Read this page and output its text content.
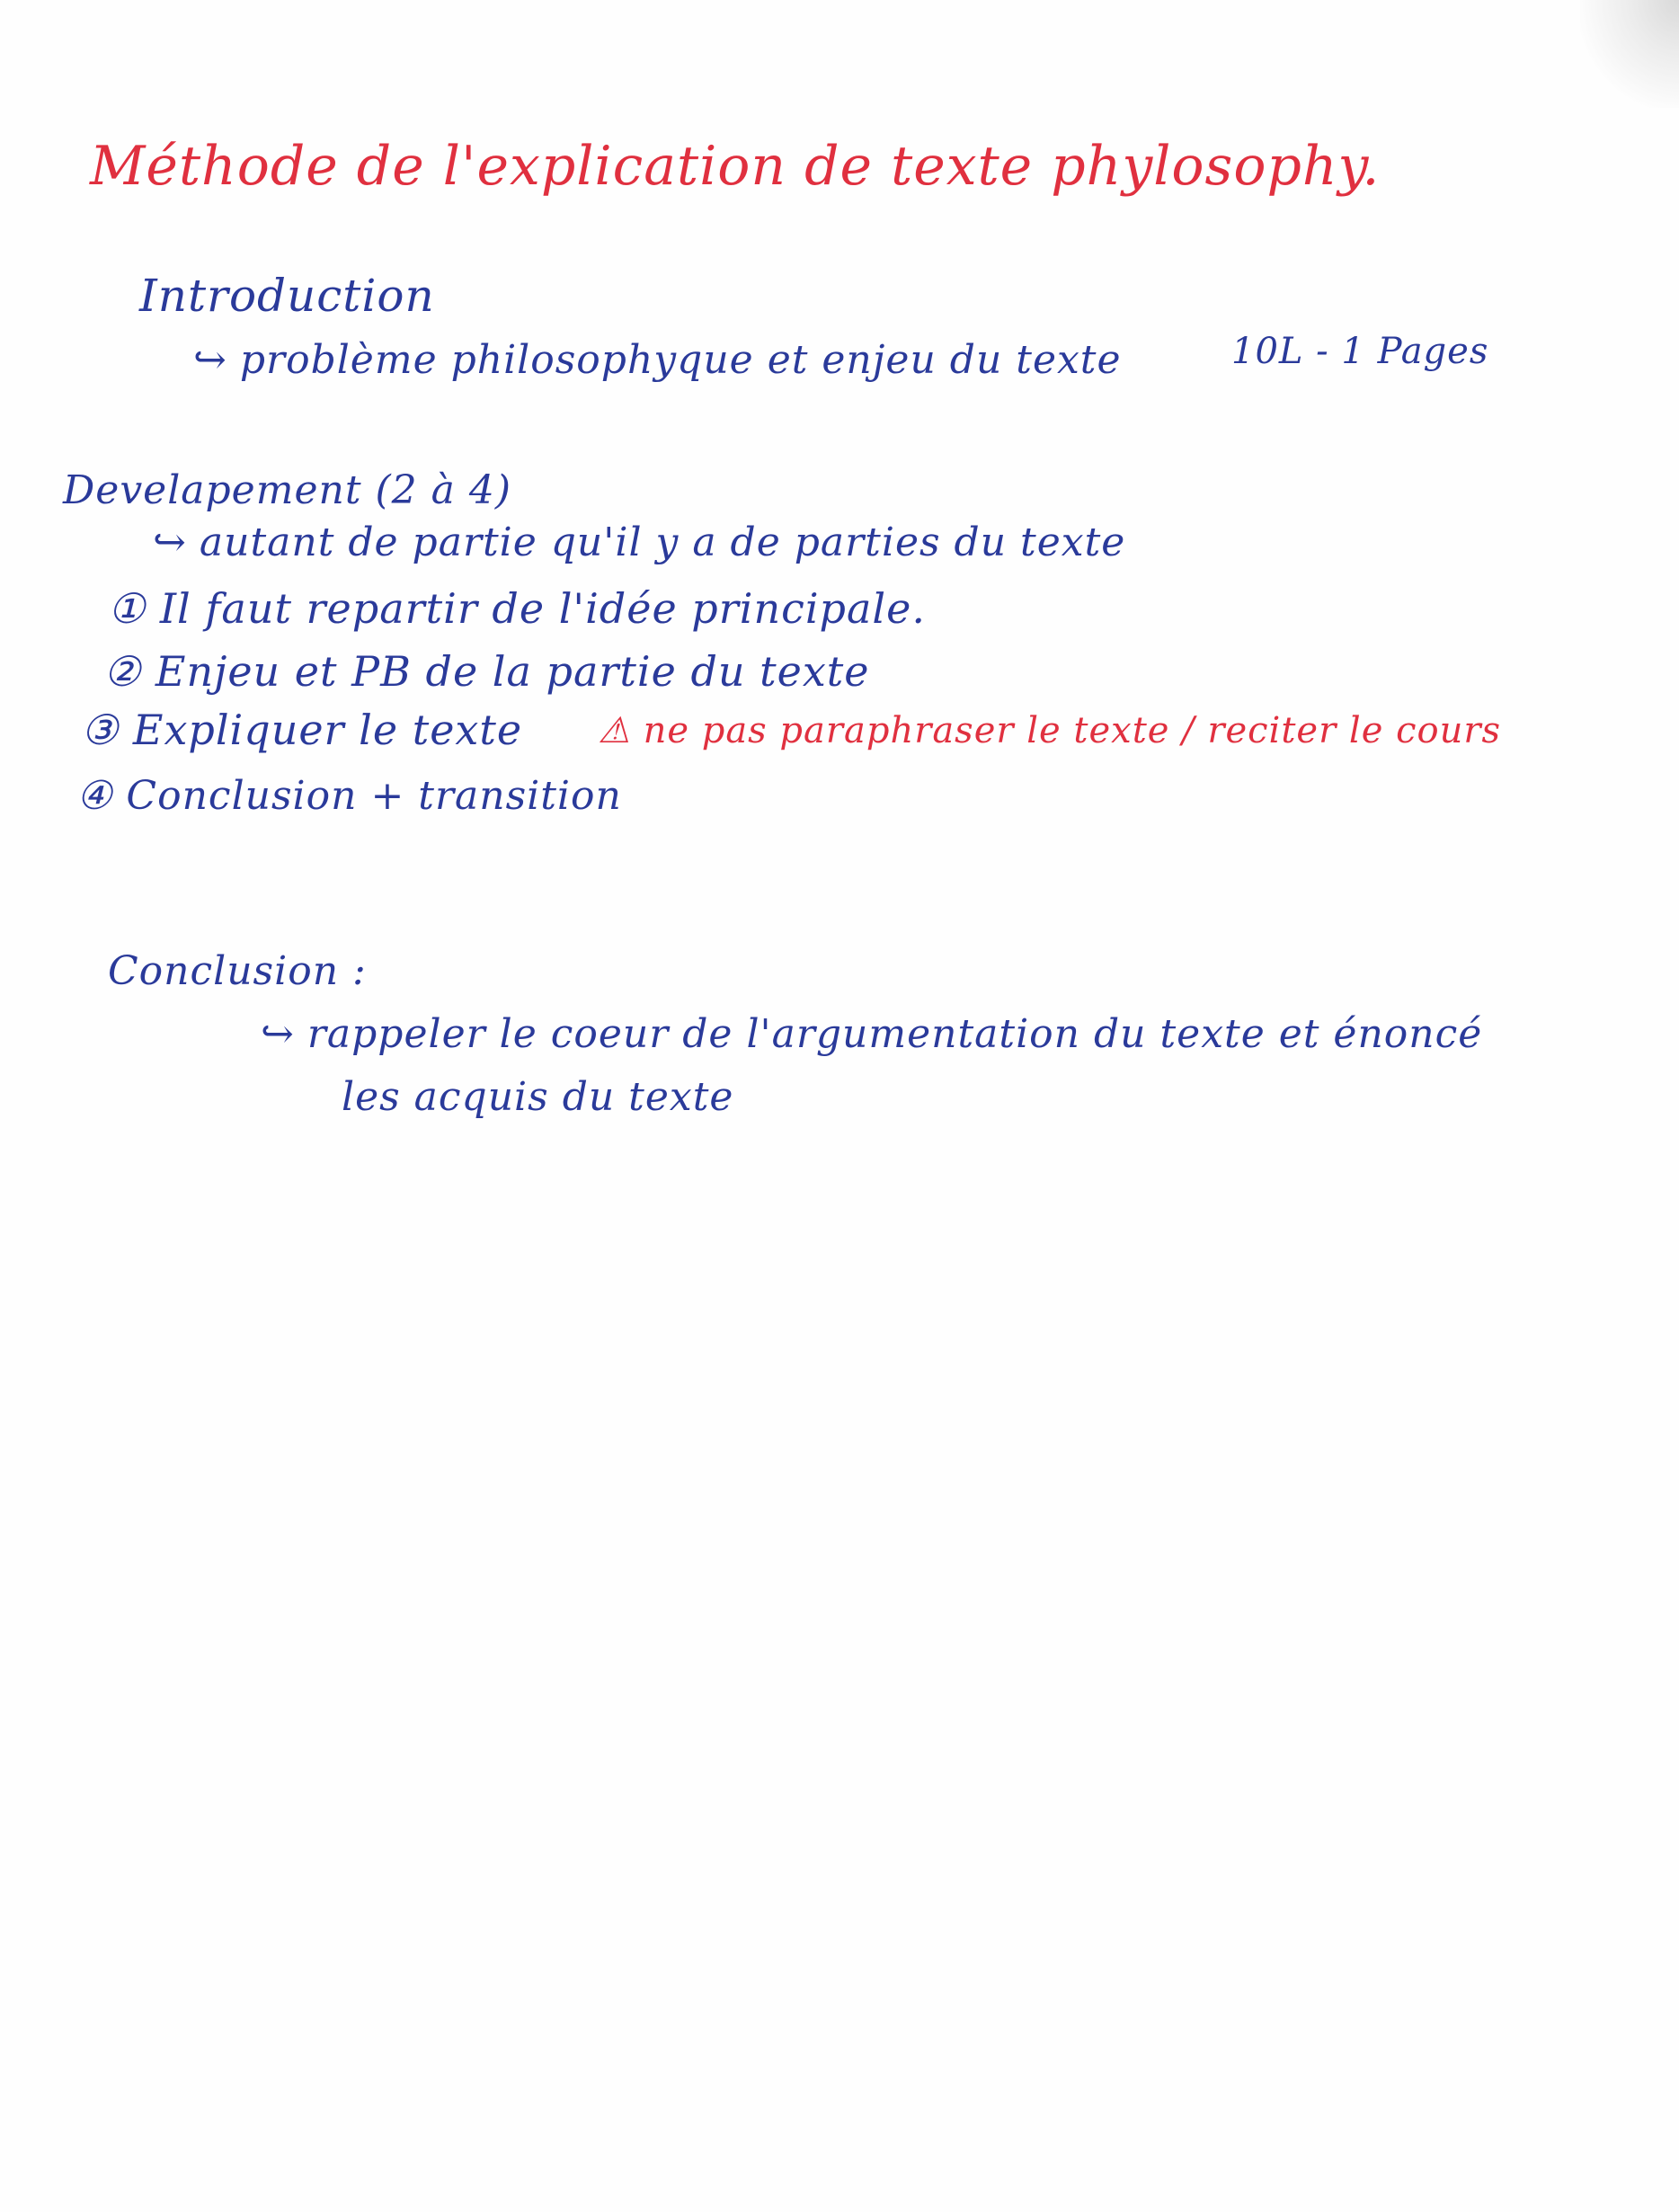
Méthode de l'explication de texte phylosophy.
Introduction
↪ problème philosophyque et enjeu du texte	10L - 1 Pages
Develapement (2 à 4)
↪ autant de partie qu'il y a de parties du texte
① Il faut repartir de l'idée principale.
② Enjeu et PB de la partie du texte
③ Expliquer le texte ⚠ ne pas paraphraser le texte / reciter le cours
④ Conclusion + transition
Conclusion :
↪ rappeler le coeur de l'argumentation du texte et énoncé
les acquis du texte
